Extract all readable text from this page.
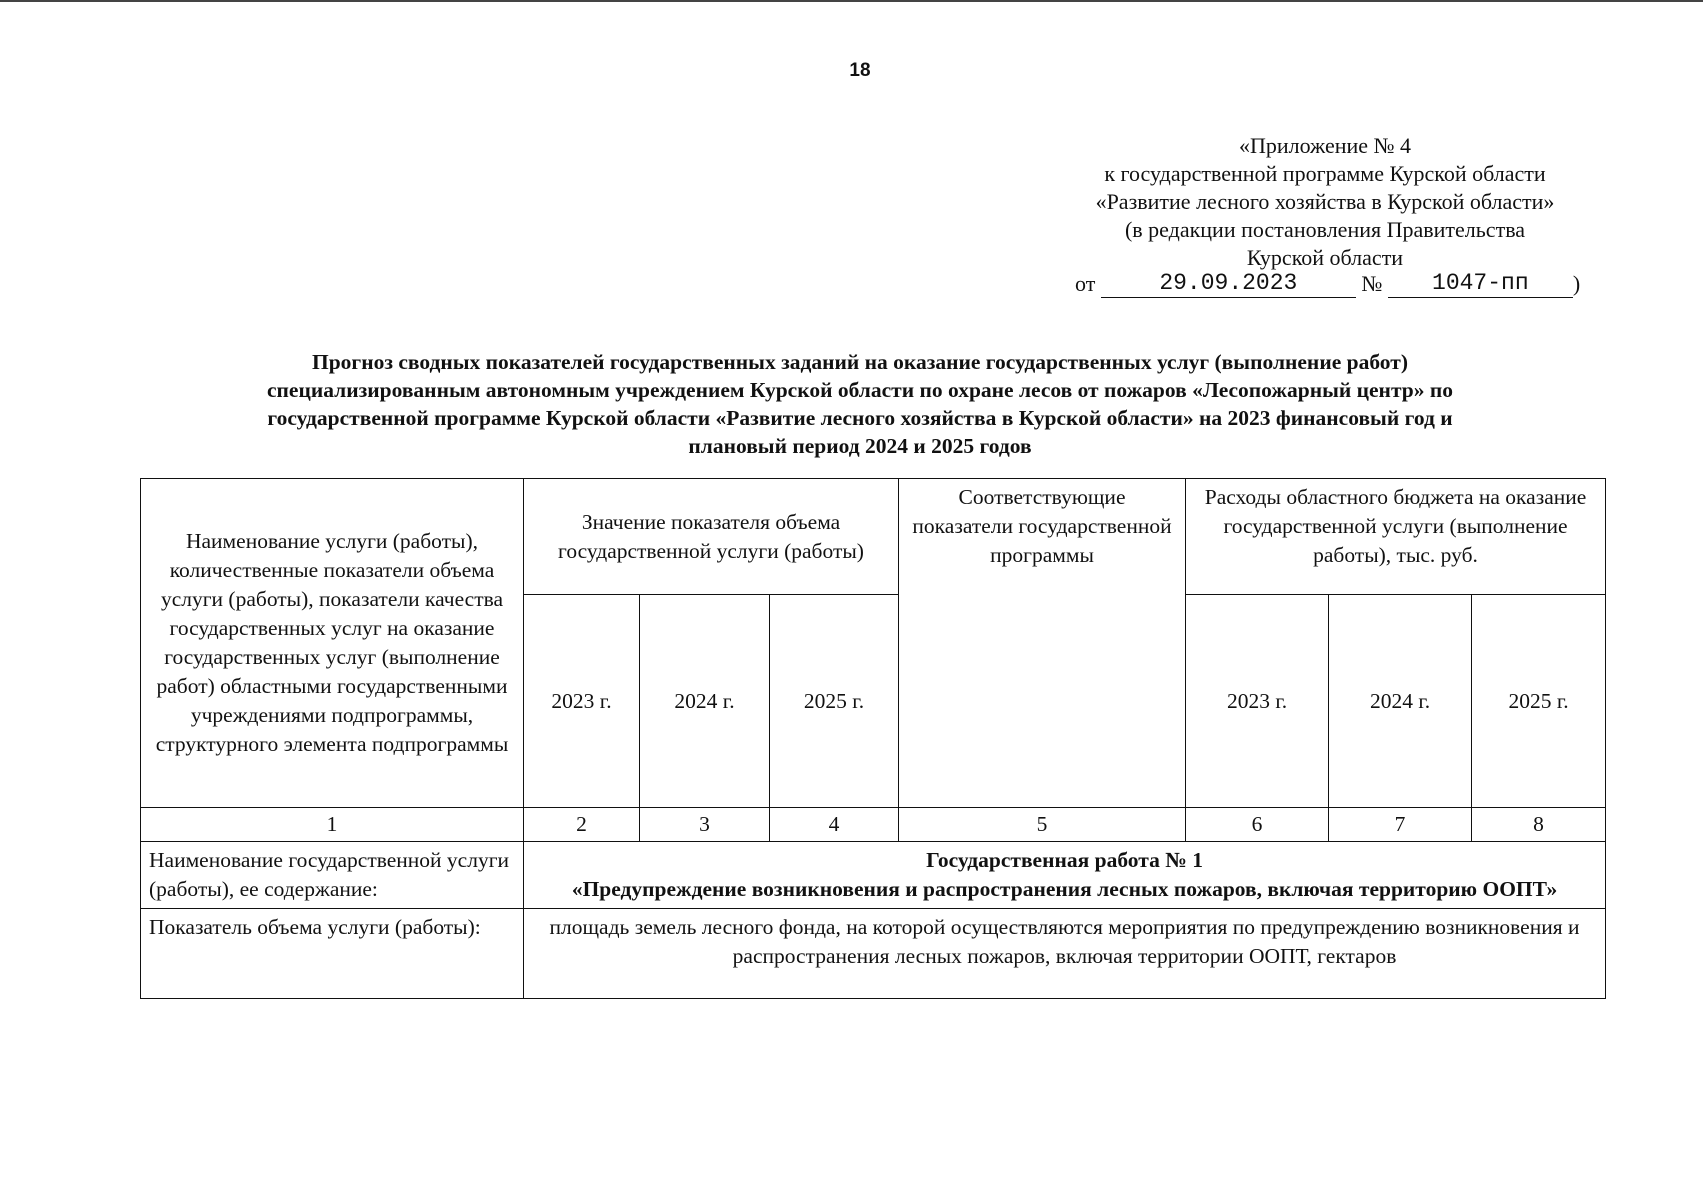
18
«Приложение № 4
к государственной программе Курской области
«Развитие лесного хозяйства в Курской области»
(в редакции постановления Правительства
Курской области
от	29.09.2023	№ 1047-пп )
Прогноз сводных показателей государственных заданий на оказание государственных услуг (выполнение работ)
специализированным автономным учреждением Курской области по охране лесов от пожаров «Лесопожарный центр» по
государственной программе Курской области «Развитие лесного хозяйства в Курской области» на 2023 финансовый год и
плановый период 2024 и 2025 годов
Наименование услуги (работы), количественные показатели объема услуги (работы), показатели качества государственных услуг на оказание государственных услуг (выполнение работ) областными государственными учреждениями подпрограммы, структурного элемента подпрограммы	Значение показателя объема государственной услуги (работы)			Соответствующие показатели государственной программы	Расходы областного бюджета на оказание государственной услуги (выполнение работы), тыс. руб.		
	2023 г.	2024 г.	2025 г.		2023 г.	2024 г.	2025 г.
1	2	3	4	5	6	7	8
Наименование государственной услуги (работы), ее содержание:	Государственная работа № 1
«Предупреждение возникновения и распространения лесных пожаров, включая территорию ООПТ»						

Показатель объема услуги (работы):	площадь земель лесного фонда, на которой осуществляются мероприятия по предупреждению возникновения и распространения лесных пожаров, включая территории ООПТ, гектаров						
